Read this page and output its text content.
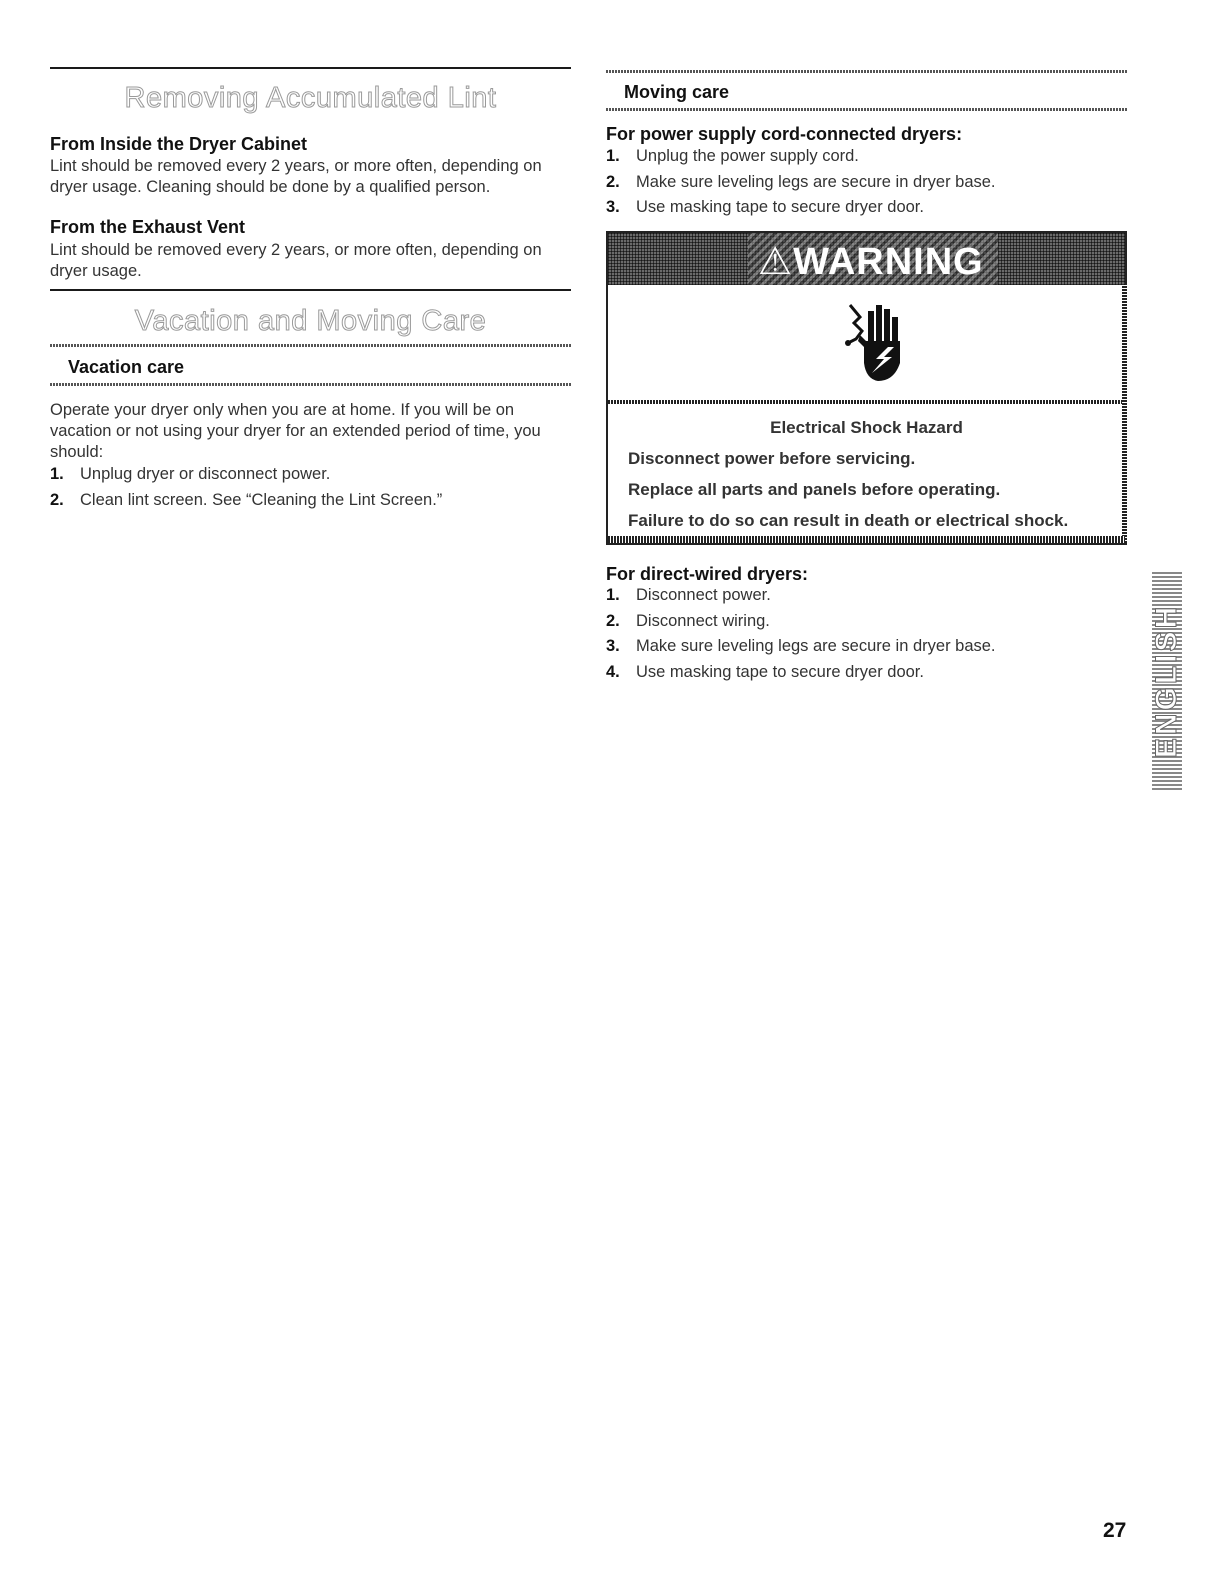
Removing Accumulated Lint
From Inside the Dryer Cabinet

Lint should be removed every 2 years, or more often, depending on dryer usage. Cleaning should be done by a qualified person.

From the Exhaust Vent

Lint should be removed every 2 years, or more often, depending on dryer usage.

Vacation and Moving Care
Vacation care

Operate your dryer only when you are at home. If you will be on vacation or not using your dryer for an extended period of time, you should:

1. Unplug dryer or disconnect power.
2. Clean lint screen. See “Cleaning the Lint Screen.”
Moving care
For power supply cord-connected dryers:
1. Unplug the power supply cord.
2. Make sure leveling legs are secure in dryer base.
3. Use masking tape to secure dryer door.
⚠WARNING
Electrical Shock Hazard
Disconnect power before servicing.
Replace all parts and panels before operating.
Failure to do so can result in death or electrical shock.
For direct-wired dryers:
1. Disconnect power.
2. Disconnect wiring.
3. Make sure leveling legs are secure in dryer base.
4. Use masking tape to secure dryer door.	ENGLISH
27
